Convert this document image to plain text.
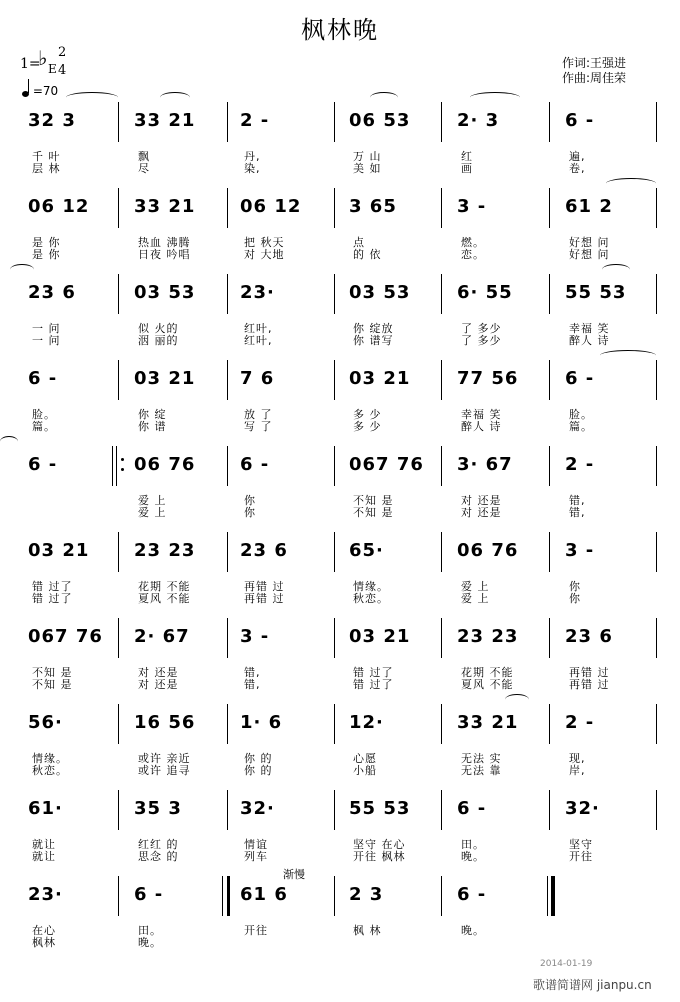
枫林晚
作词:王强进
作曲:周佳荣
1=
♭ E
2
4
=70
32 3
千 叶
层 林
33 21
飘
尽
2 -
丹,
染,
06 53
万 山
美 如
2· 3
红
画
6 -
遍,
卷,
06 12
是 你
是 你
33 21
热血 沸腾
日夜 吟唱
06 12
把 秋天
对 大地
3 65
点
的 依
3 -
燃。
恋。
61 2
好想 问
好想 问
23 6
一 问
一 问
03 53
似 火的
洇 丽的
23·
红叶,
红叶,
03 53
你 绽放
你 谱写
6· 55
了 多少
了 多少
55 53
幸福 笑
醉人 诗
6 -
脸。
篇。
03 21
你 绽
你 谱
7 6
放 了
写 了
03 21
多 少
多 少
77 56
幸福 笑
醉人 诗
6 -
脸。
篇。
6 -	06 76
爱 上
爱 上
6 -
你
你
067 76
不知 是
不知 是
3· 67
对 还是
对 还是
2 -
错,
错,
03 21
错 过了
错 过了
23 23
花期 不能
夏风 不能
23 6
再错 过
再错 过
65·
情缘。
秋恋。
06 76
爱 上
爱 上
3 -
你
你
067 76
不知 是
不知 是
2· 67
对 还是
对 还是
3 -
错,
错,
03 21
错 过了
错 过了
23 23
花期 不能
夏风 不能
23 6
再错 过
再错 过
56·
情缘。
秋恋。
16 56
或许 亲近
或许 追寻
1· 6
你 的
你 的
12·
心愿
小船
33 21
无法 实
无法 靠
2 -
现,
岸,
61·
就让
就让
35 3
红红 的
思念 的
32·
情谊
列车
55 53
坚守 在心
开往 枫林
6 -
田。
晚。
32·
坚守
开往
23·
在心
枫林
6 -
田。
晚。
61 6
开往
2 3
枫 林
6 -
晚。
渐慢
2014-01-19
歌谱简谱网 jianpu.cn
